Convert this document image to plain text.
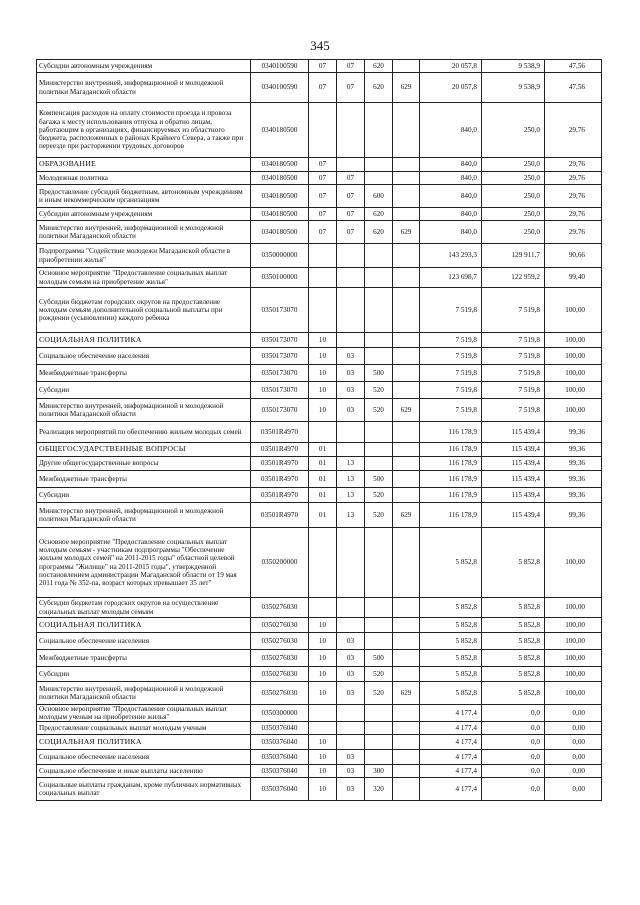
345
Субсидии автономным учреждениям	0340100590	07	07	620		20 057,8	9 538,9	47,56
Министерство внутренней, информационной и молодежной политики Магаданской области	0340100590	07	07	620	629	20 057,8	9 538,9	47,56
Компенсация расходов на оплату стоимости проезда и провоза багажа к месту использования отпуска и обратно лицам, работающим в организациях, финансируемых из областного бюджета, расположенных в районах Крайнего Севера, а также при переезде при расторжении трудовых договоров	0340180500					840,0	250,0	29,76
ОБРАЗОВАНИЕ	0340180500	07				840,0	250,0	29,76
Молодежная политика	0340180500	07	07			840,0	250,0	29,76
Предоставление субсидий бюджетным, автономным учреждениям и иным некоммерческим организациям	0340180500	07	07	600		840,0	250,0	29,76
Субсидии автономным учреждениям	0340180500	07	07	620		840,0	250,0	29,76
Министерство внутренней, информационной и молодежной политики Магаданской области	0340180500	07	07	620	629	840,0	250,0	29,76
Подпрограмма "Содействие молодежи Магаданской области в приобретении жилья"	0350000000					143 293,3	129 911,7	90,66
Основное мероприятие "Предоставление социальных выплат молодым семьям на приобретение жилья"	0350100000					123 698,7	122 959,2	99,40
Субсидии бюджетам городских округов на предоставление молодым семьям дополнительной социальной выплаты при рождении (усыновлении) каждого ребенка	0350173070					7 519,8	7 519,8	100,00
СОЦИАЛЬНАЯ ПОЛИТИКА	0350173070	10				7 519,8	7 519,8	100,00
Социальное обеспечение населения	0350173070	10	03			7 519,8	7 519,8	100,00
Межбюджетные трансферты	0350173070	10	03	500		7 519,8	7 519,8	100,00
Субсидии	0350173070	10	03	520		7 519,8	7 519,8	100,00
Министерство внутренней, информационной и молодежной политики Магаданской области	0350173070	10	03	520	629	7 519,8	7 519,8	100,00
Реализация мероприятий по обеспечению жильем молодых семей	03501R4970					116 178,9	115 439,4	99,36
ОБЩЕГОСУДАРСТВЕННЫЕ ВОПРОСЫ	03501R4970	01				116 178,9	115 439,4	99,36
Другие общегосударственные вопросы	03501R4970	01	13			116 178,9	115 439,4	99,36
Межбюджетные трансферты	03501R4970	01	13	500		116 178,9	115 439,4	99,36
Субсидии	03501R4970	01	13	520		116 178,9	115 439,4	99,36
Министерство внутренней, информационной и молодежной политики Магаданской области	03501R4970	01	13	520	629	116 178,9	115 439,4	99,36
Основное мероприятие "Предоставление социальных выплат молодым семьям - участникам подпрограммы "Обеспечение жильем молодых семей" на 2011-2015 годы" областной целевой программы "Жилище" на 2011-2015 годы", утвержденной постановлением администрации Магаданской области от 19 мая 2011 года № 352-па, возраст которых превышает 35 лет"	0350200000					5 852,8	5 852,8	100,00
Субсидии бюджетам городских округов на осуществление социальных выплат молодым семьям	0350276030					5 852,8	5 852,8	100,00
СОЦИАЛЬНАЯ ПОЛИТИКА	0350276030	10				5 852,8	5 852,8	100,00
Социальное обеспечение населения	0350276030	10	03			5 852,8	5 852,8	100,00
Межбюджетные трансферты	0350276030	10	03	500		5 852,8	5 852,8	100,00
Субсидии	0350276030	10	03	520		5 852,8	5 852,8	100,00
Министерство внутренней, информационной и молодежной политики Магаданской области	0350276030	10	03	520	629	5 852,8	5 852,8	100,00
Основное мероприятие "Предоставление социальных выплат молодым ученым на приобретение жилья"	0350300000					4 177,4	0,0	0,00
Предоставление социальных выплат молодым ученым	0350376040					4 177,4	0,0	0,00
СОЦИАЛЬНАЯ ПОЛИТИКА	0350376040	10				4 177,4	0,0	0,00
Социальное обеспечение населения	0350376040	10	03			4 177,4	0,0	0,00
Социальное обеспечение и иные выплаты населению	0350376040	10	03	300		4 177,4	0,0	0,00
Социальные выплаты гражданам, кроме публичных нормативных социальных выплат	0350376040	10	03	320		4 177,4	0,0	0,00
